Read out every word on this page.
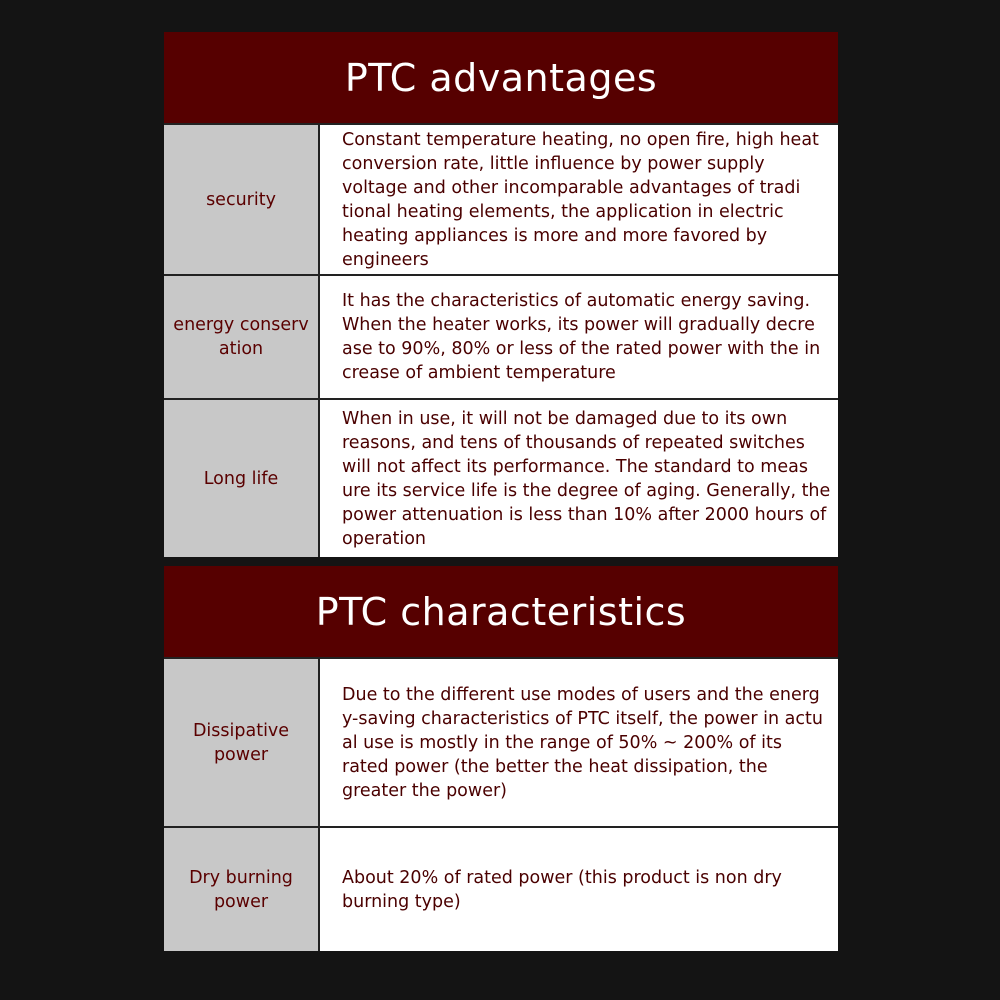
PTC advantages
security
Constant temperature heating, no open fire, high heat conversion rate, little influence by power supply voltage and other incomparable advantages of tradi tional heating elements, the application in electric heating appliances is more and more favored by engineers
energy conserv ation
It has the characteristics of automatic energy saving. When the heater works, its power will gradually decre ase to 90%, 80% or less of the rated power with the in crease of ambient temperature
Long life
When in use, it will not be damaged due to its own reasons, and tens of thousands of repeated switches will not affect its performance. The standard to meas ure its service life is the degree of aging. Generally, the power attenuation is less than 10% after 2000 hours of operation
PTC characteristics
Dissipative power
Due to the different use modes of users and the energ y-saving characteristics of PTC itself, the power in actu al use is mostly in the range of 50% ~ 200% of its rated power (the better the heat dissipation, the greater the power)
Dry burning power
About 20% of rated power (this product is non dry burning type)
